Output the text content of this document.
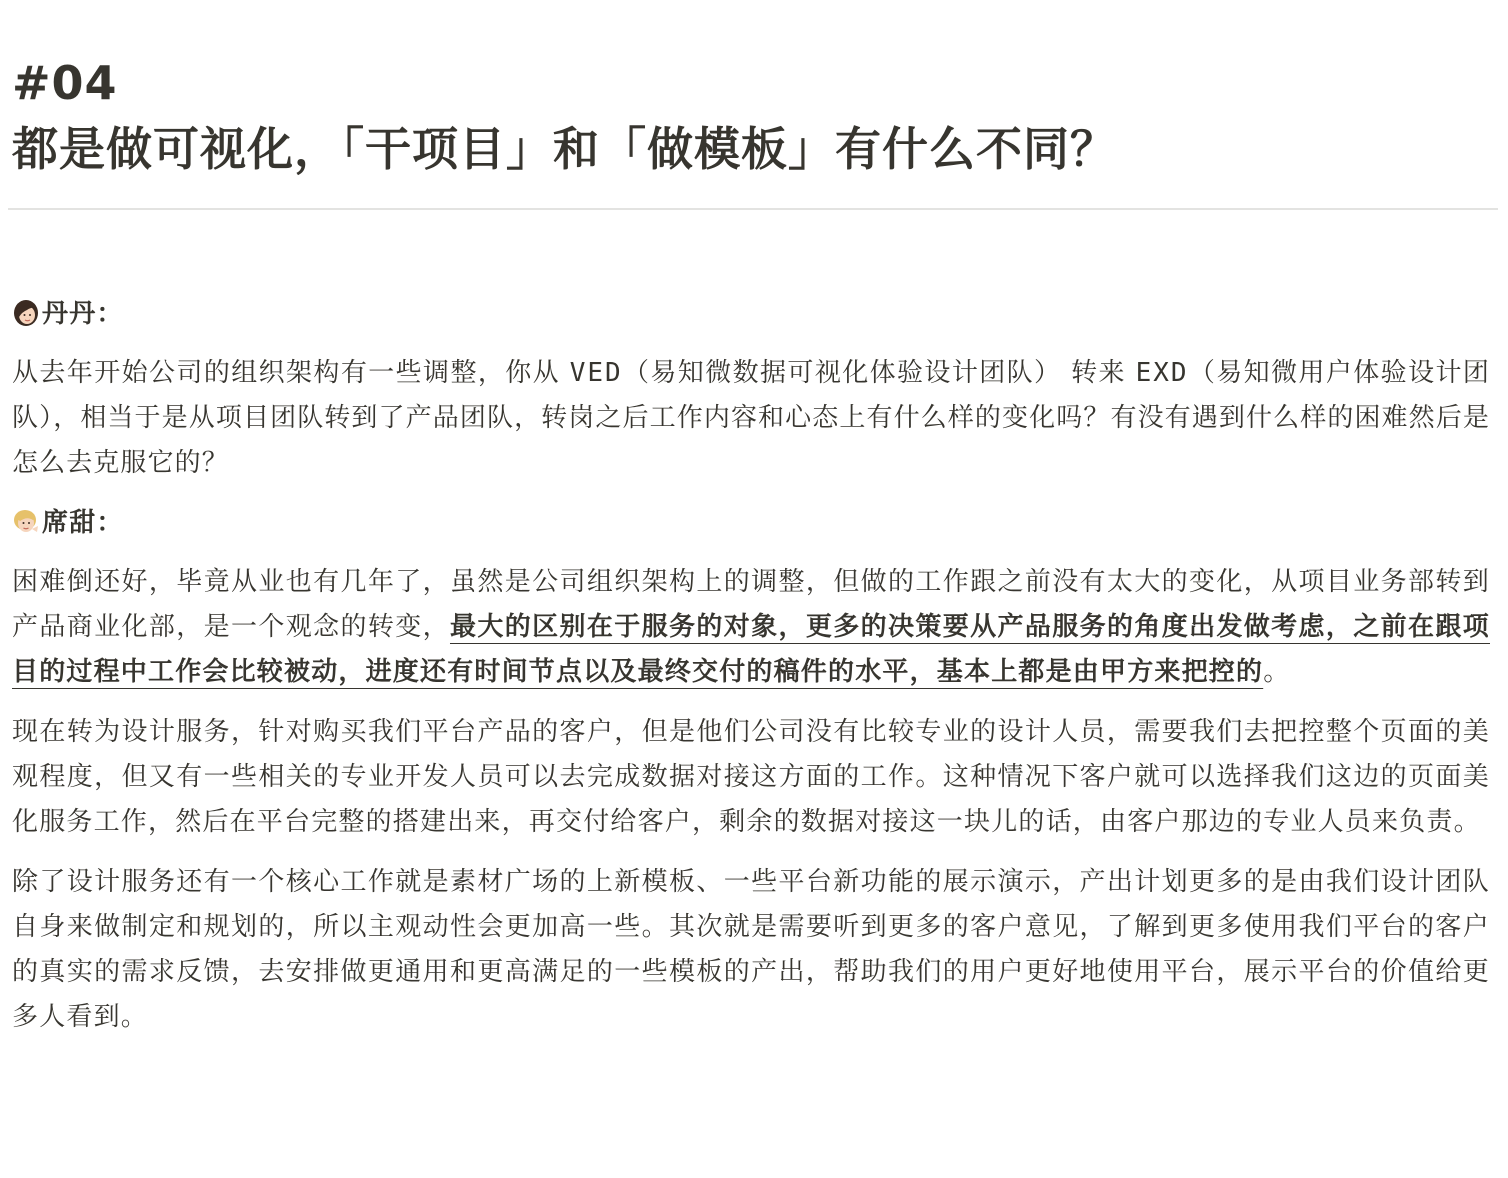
#04
都是做可视化，「干项目」和「做模板」有什么不同？
丹丹：

从去年开始公司的组织架构有一些调整，你从 VED（易知微数据可视化体验设计团队） 转来 EXD（易知微用户体验设计团队），相当于是从项目团队转到了产品团队，转岗之后工作内容和心态上有什么样的变化吗？有没有遇到什么样的困难然后是怎么去克服它的？

席甜：

困难倒还好，毕竟从业也有几年了，虽然是公司组织架构上的调整，但做的工作跟之前没有太大的变化，从项目业务部转到产品商业化部，是一个观念的转变，最大的区别在于服务的对象，更多的决策要从产品服务的角度出发做考虑，之前在跟项目的过程中工作会比较被动，进度还有时间节点以及最终交付的稿件的水平，基本上都是由甲方来把控的。

现在转为设计服务，针对购买我们平台产品的客户，但是他们公司没有比较专业的设计人员，需要我们去把控整个页面的美观程度，但又有一些相关的专业开发人员可以去完成数据对接这方面的工作。这种情况下客户就可以选择我们这边的页面美化服务工作，然后在平台完整的搭建出来，再交付给客户，剩余的数据对接这一块儿的话，由客户那边的专业人员来负责。

除了设计服务还有一个核心工作就是素材广场的上新模板、一些平台新功能的展示演示，产出计划更多的是由我们设计团队自身来做制定和规划的，所以主观动性会更加高一些。其次就是需要听到更多的客户意见，了解到更多使用我们平台的客户的真实的需求反馈，去安排做更通用和更高满足的一些模板的产出，帮助我们的用户更好地使用平台，展示平台的价值给更多人看到。
